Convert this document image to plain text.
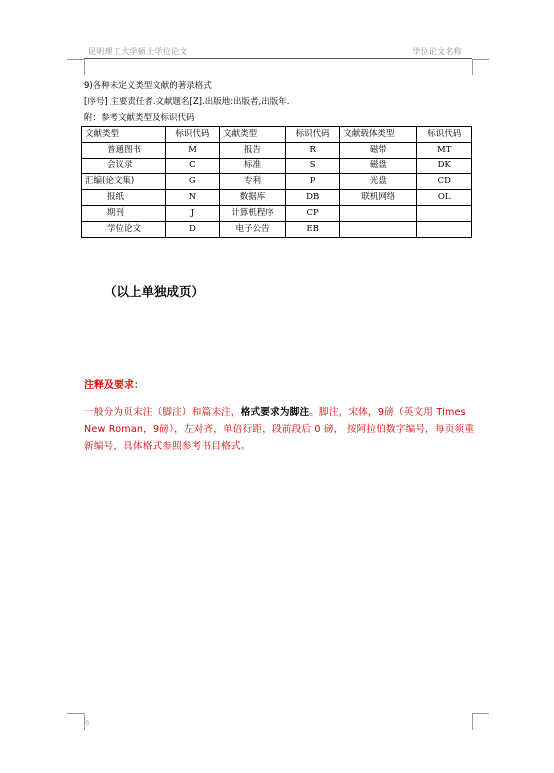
昆明理工大学硕士学位论文	学位论文名称
9)各种未定义类型文献的著录格式
[序号] 主要责任者.文献题名[Z].出版地:出版者,出版年.
附：参考文献类型及标识代码
文献类型	标识代码	文献类型	标识代码	文献载体类型	标识代码
普通图书	M	报告	R	磁带	MT
会议录	C	标准	S	磁盘	DK
汇编(论文集)	G	专利	P	光盘	CD
报纸	N	数据库	DB	联机网络	OL
期刊	J	计算机程序	CP		
学位论文	D	电子公告	EB		
（以上单独成页）
注释及要求：
一般分为页末注（脚注）和篇末注，格式要求为脚注。脚注，宋体，9磅（英文用 Times New Roman，9磅），左对齐，单倍行距，段前段后 0 磅， 按阿拉伯数字编号，每页须重新编号，具体格式参照参考书目格式。
6
